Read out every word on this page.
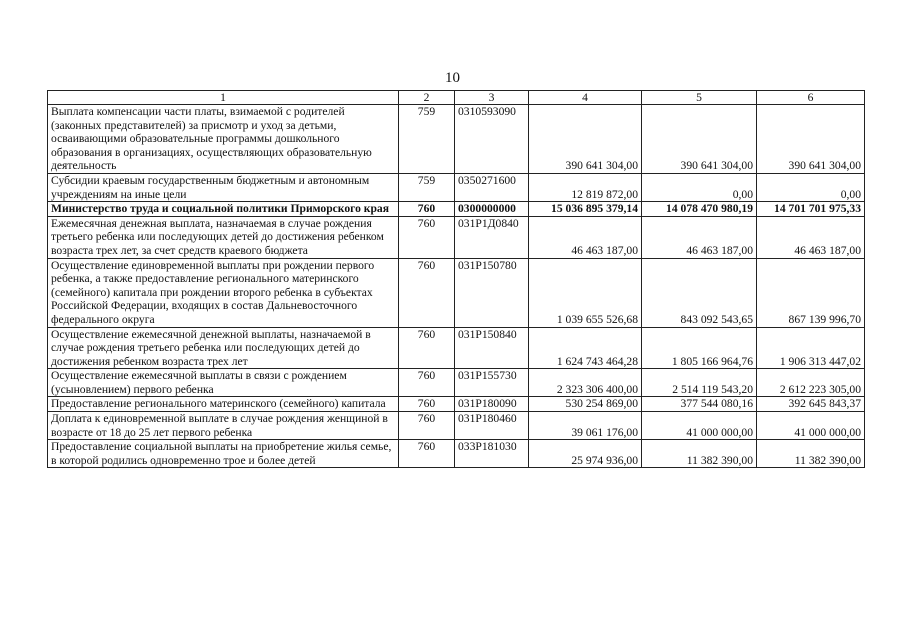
10
1	2	3	4	5	6
Выплата компенсации части платы, взимаемой с родителей (законных представителей) за присмотр и уход за детьми, осваивающими образовательные программы дошкольного образования в организациях, осуществляющих образовательную деятельность	759	0310593090	390 641 304,00	390 641 304,00	390 641 304,00
Субсидии краевым государственным бюджетным и автономным учреждениям на иные цели	759	0350271600	12 819 872,00	0,00	0,00
Министерство труда и социальной политики Приморского края	760	0300000000	15 036 895 379,14	14 078 470 980,19	14 701 701 975,33
Ежемесячная денежная выплата, назначаемая в случае рождения третьего ребенка или последующих детей до достижения ребенком возраста трех лет, за счет средств краевого бюджета	760	031Р1Д0840	46 463 187,00	46 463 187,00	46 463 187,00
Осуществление единовременной выплаты при рождении первого ребенка, а также предоставление регионального материнского (семейного) капитала при рождении второго ребенка в субъектах Российской Федерации, входящих в состав Дальневосточного федерального округа	760	031Р150780	1 039 655 526,68	843 092 543,65	867 139 996,70
Осуществление ежемесячной денежной выплаты, назначаемой в случае рождения третьего ребенка или последующих детей до достижения ребенком возраста трех лет	760	031Р150840	1 624 743 464,28	1 805 166 964,76	1 906 313 447,02
Осуществление ежемесячной выплаты в связи с рождением (усыновлением) первого ребенка	760	031Р155730	2 323 306 400,00	2 514 119 543,20	2 612 223 305,00
Предоставление регионального материнского (семейного) капитала	760	031Р180090	530 254 869,00	377 544 080,16	392 645 843,37
Доплата к единовременной выплате в случае рождения женщиной в возрасте от 18 до 25 лет первого ребенка	760	031Р180460	39 061 176,00	41 000 000,00	41 000 000,00
Предоставление социальной выплаты на приобретение жилья семье, в которой родились одновременно трое и более детей	760	033Р181030	25 974 936,00	11 382 390,00	11 382 390,00
